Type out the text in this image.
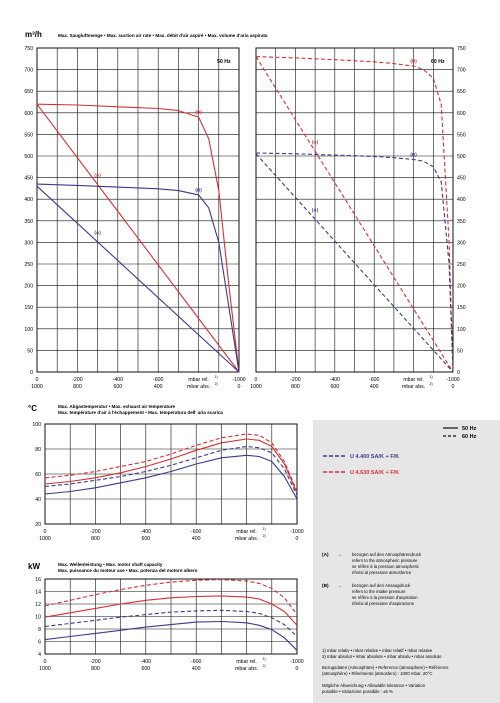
m³/h	Max. Saugluftmenge • Max. suction air rate • Max. débit d'air aspiré • Max. volume d'aria aspirata
°C	Max. Abgastemperatur • Max. exhaust air temperature
Max. température d'air à l'échappement • Max. temperatura dell' aria scarica
kW	Max. Wellenleistung • Max. motor shaft capacity
Max. puissance du moteur axe • Max. potenza del motore albero
50 Hz
60 Hz
U 4.400 SA/K + F/K
U 4.630 SA/K + F/K
(A) → bezogen auf den Atmosphärendruck
refers to the atmospheric pressure
se réfère à la pression atmospheric
riferisi al pressione atmosferice
(B) → bezogen auf den Ansaugdruck
refers to the intake pressure
se réfère à la pression d'aspiration
riferisi al pressione d'aspirazione
1) mbar relativ • mbar relative • mbar relatif • mbar relative
2) mbar absolut • mbar absolute • mbar absolu • mbar assoluto
Bezugsdaten (Atmosphäre) • Reference (atmosphere) • Référence
(atmosphère) • Riferimento (atmosfero) : 1000 mbar, 20°C
Mögliche Abweichung • Allowable tolerance • Variation
possible • Variazione possibile : ±5 %
0
50
100
150
200
250
300
350
400
450
500
550
600
650
700
750
0
1000
-200
800
-400
600
-600
400
mbar rel.
mbar abs.
1)
2)
-1000
0
50 Hz
(A)
(B)
(A)
(B)
0
50
100
150
200
250
300
350
400
450
500
550
600
650
700
750
0
1000
-200
800
-400
600
-600
400
mbar rel.
mbar abs.
1)
2)
-1000
0
60 Hz
(A)
(B)
(A)
(B)
20
40
60
80
100
0
1000
-200
800
-400
600
-600
400
mbar rel.
mbar abs.
1)
2)
-1000
0
4
6
8
10
12
14
16
0
1000
-200
800
-400
600
-600
400
mbar rel.
mbar abs.
1)
2)
-1000
0
